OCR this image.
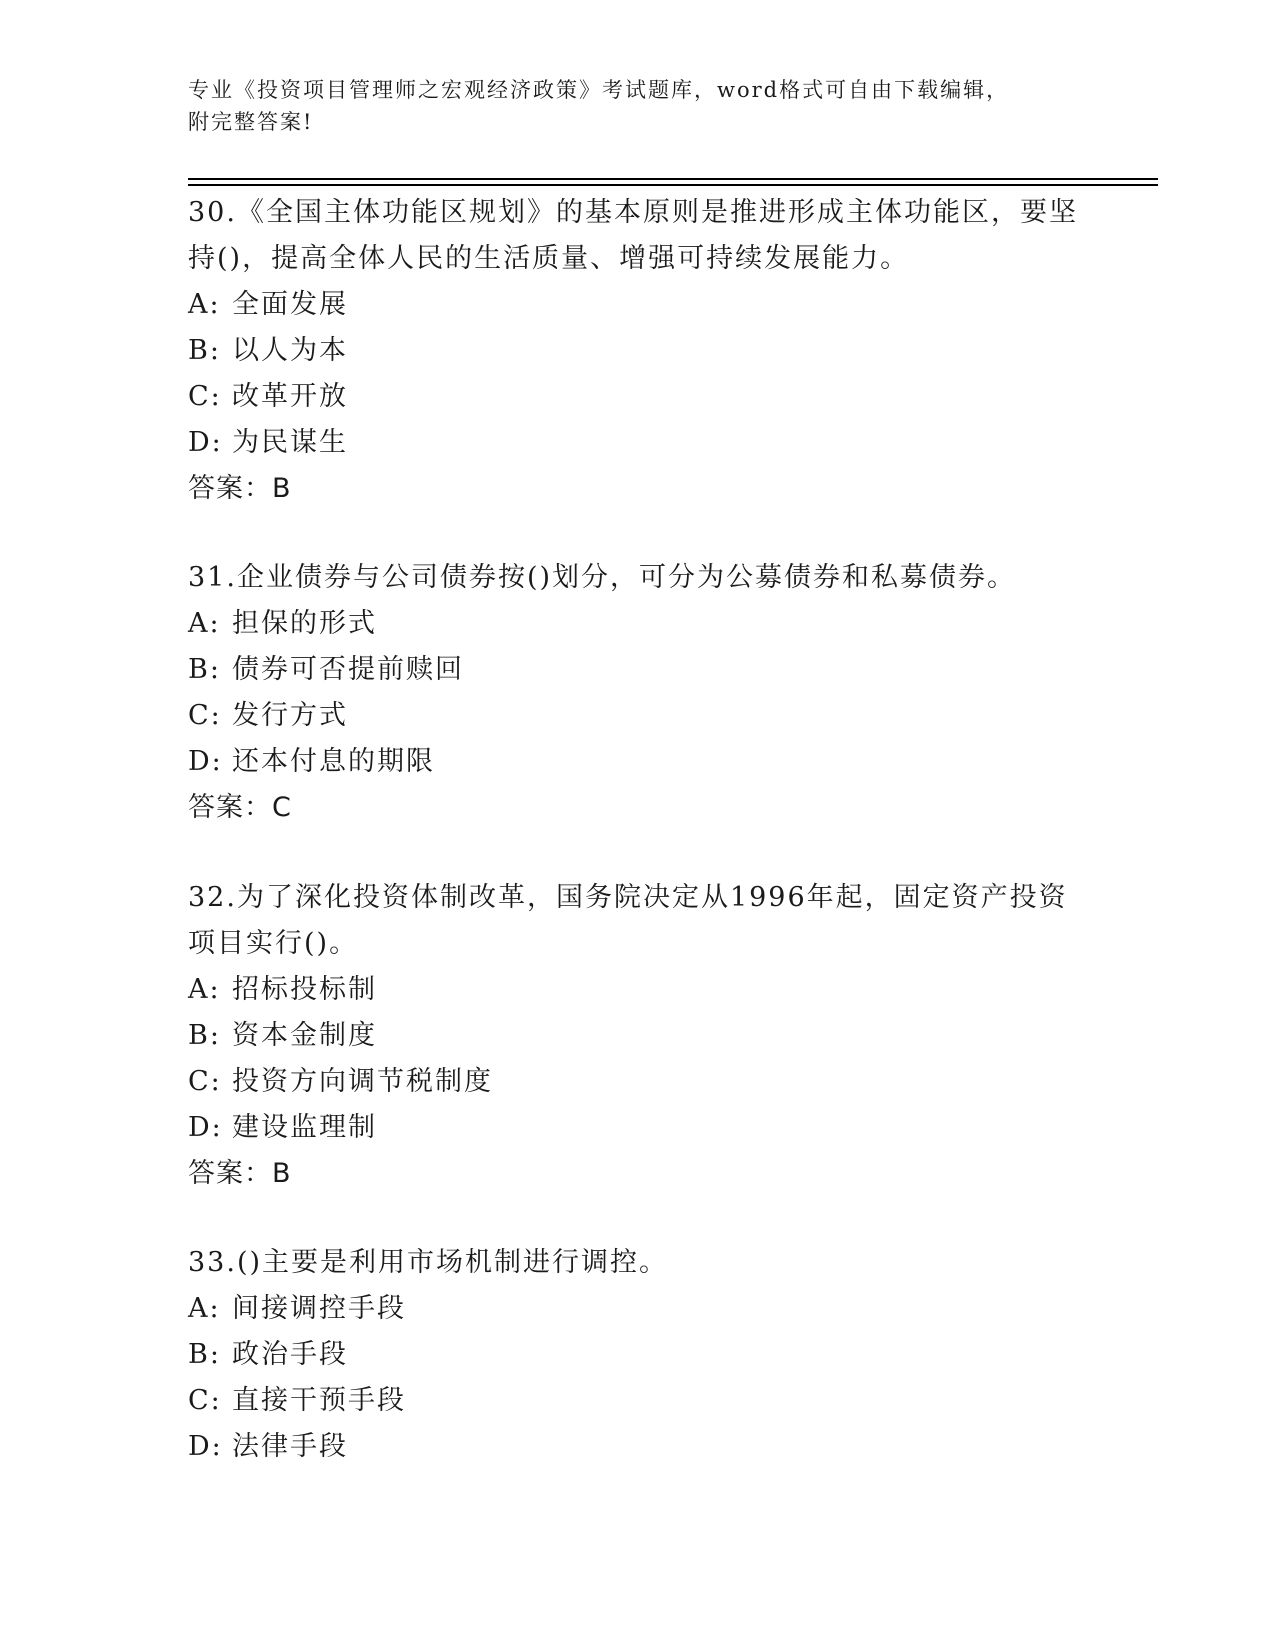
专业《投资项目管理师之宏观经济政策》考试题库，word格式可自由下载编辑，
附完整答案!
30.《全国主体功能区规划》的基本原则是推进形成主体功能区，要坚
持()，提高全体人民的生活质量、增强可持续发展能力。
A: 全面发展
B: 以人为本
C: 改革开放
D: 为民谋生
答案：B
31.企业债券与公司债券按()划分，可分为公募债券和私募债券。
A: 担保的形式
B: 债券可否提前赎回
C: 发行方式
D: 还本付息的期限
答案：C
32.为了深化投资体制改革，国务院决定从1996年起，固定资产投资
项目实行()。
A: 招标投标制
B: 资本金制度
C: 投资方向调节税制度
D: 建设监理制
答案：B
33.()主要是利用市场机制进行调控。
A: 间接调控手段
B: 政治手段
C: 直接干预手段
D: 法律手段
